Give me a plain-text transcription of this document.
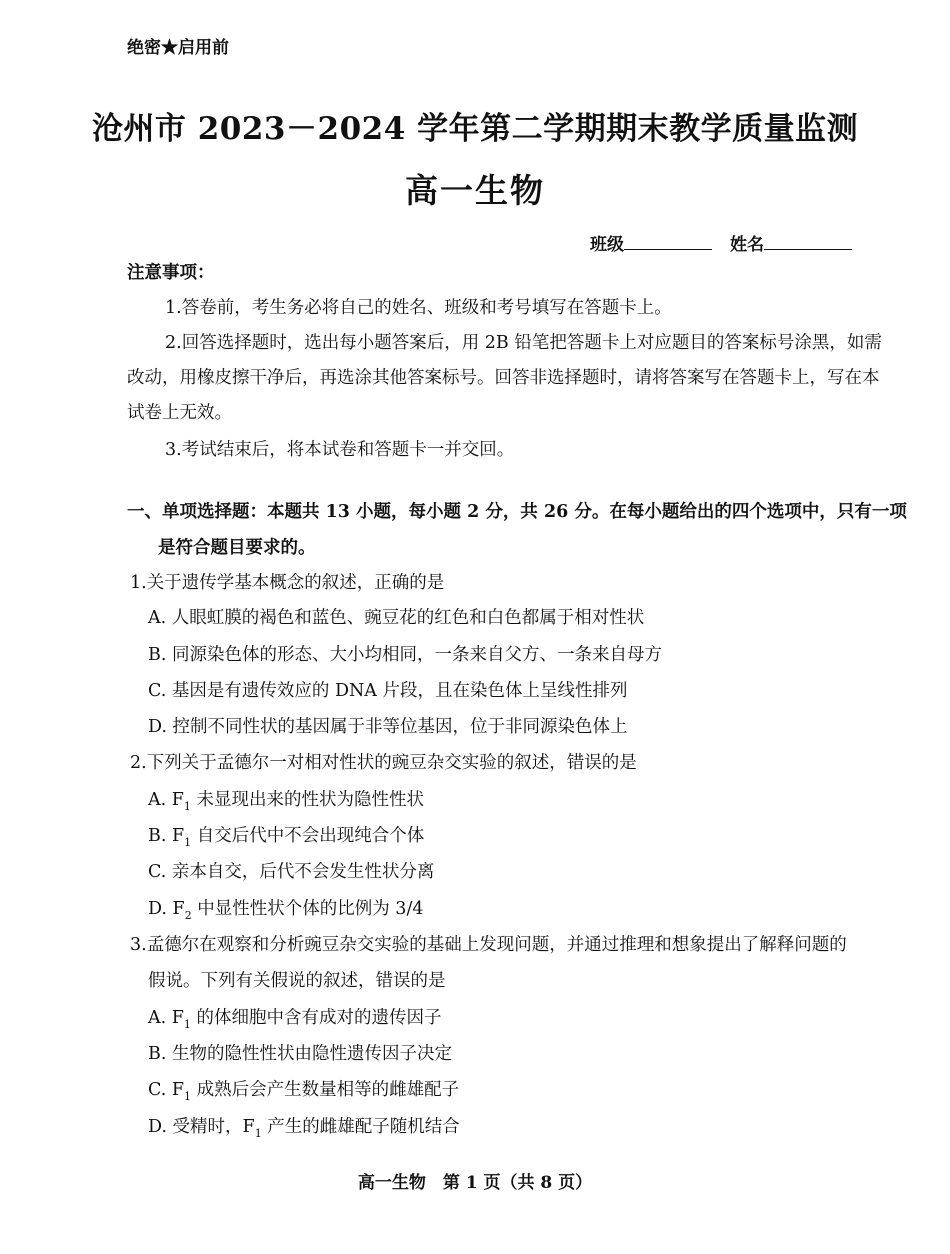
绝密★启用前
沧州市 2023－2024 学年第二学期期末教学质量监测
高一生物
班级	姓名
注意事项：
1.答卷前，考生务必将自己的姓名、班级和考号填写在答题卡上。
2.回答选择题时，选出每小题答案后，用 2B 铅笔把答题卡上对应题目的答案标号涂黑，如需
改动，用橡皮擦干净后，再选涂其他答案标号。回答非选择题时，请将答案写在答题卡上，写在本
试卷上无效。
3.考试结束后，将本试卷和答题卡一并交回。
一、单项选择题：本题共 13 小题，每小题 2 分，共 26 分。在每小题给出的四个选项中，只有一项
是符合题目要求的。
1.关于遗传学基本概念的叙述，正确的是
A. 人眼虹膜的褐色和蓝色、豌豆花的红色和白色都属于相对性状
B. 同源染色体的形态、大小均相同，一条来自父方、一条来自母方
C. 基因是有遗传效应的 DNA 片段，且在染色体上呈线性排列
D. 控制不同性状的基因属于非等位基因，位于非同源染色体上
2.下列关于孟德尔一对相对性状的豌豆杂交实验的叙述，错误的是
A. $F_1$ 未显现出来的性状为隐性性状
B. $F_1$ 自交后代中不会出现纯合个体
C. 亲本自交，后代不会发生性状分离
D. $F_2$ 中显性性状个体的比例为 3/4
3.孟德尔在观察和分析豌豆杂交实验的基础上发现问题，并通过推理和想象提出了解释问题的
假说。下列有关假说的叙述，错误的是
A. $F_1$ 的体细胞中含有成对的遗传因子
B. 生物的隐性性状由隐性遗传因子决定
C. $F_1$ 成熟后会产生数量相等的雌雄配子
D. 受精时，$F_1$ 产生的雌雄配子随机结合
高一生物　第 1 页（共 8 页）
